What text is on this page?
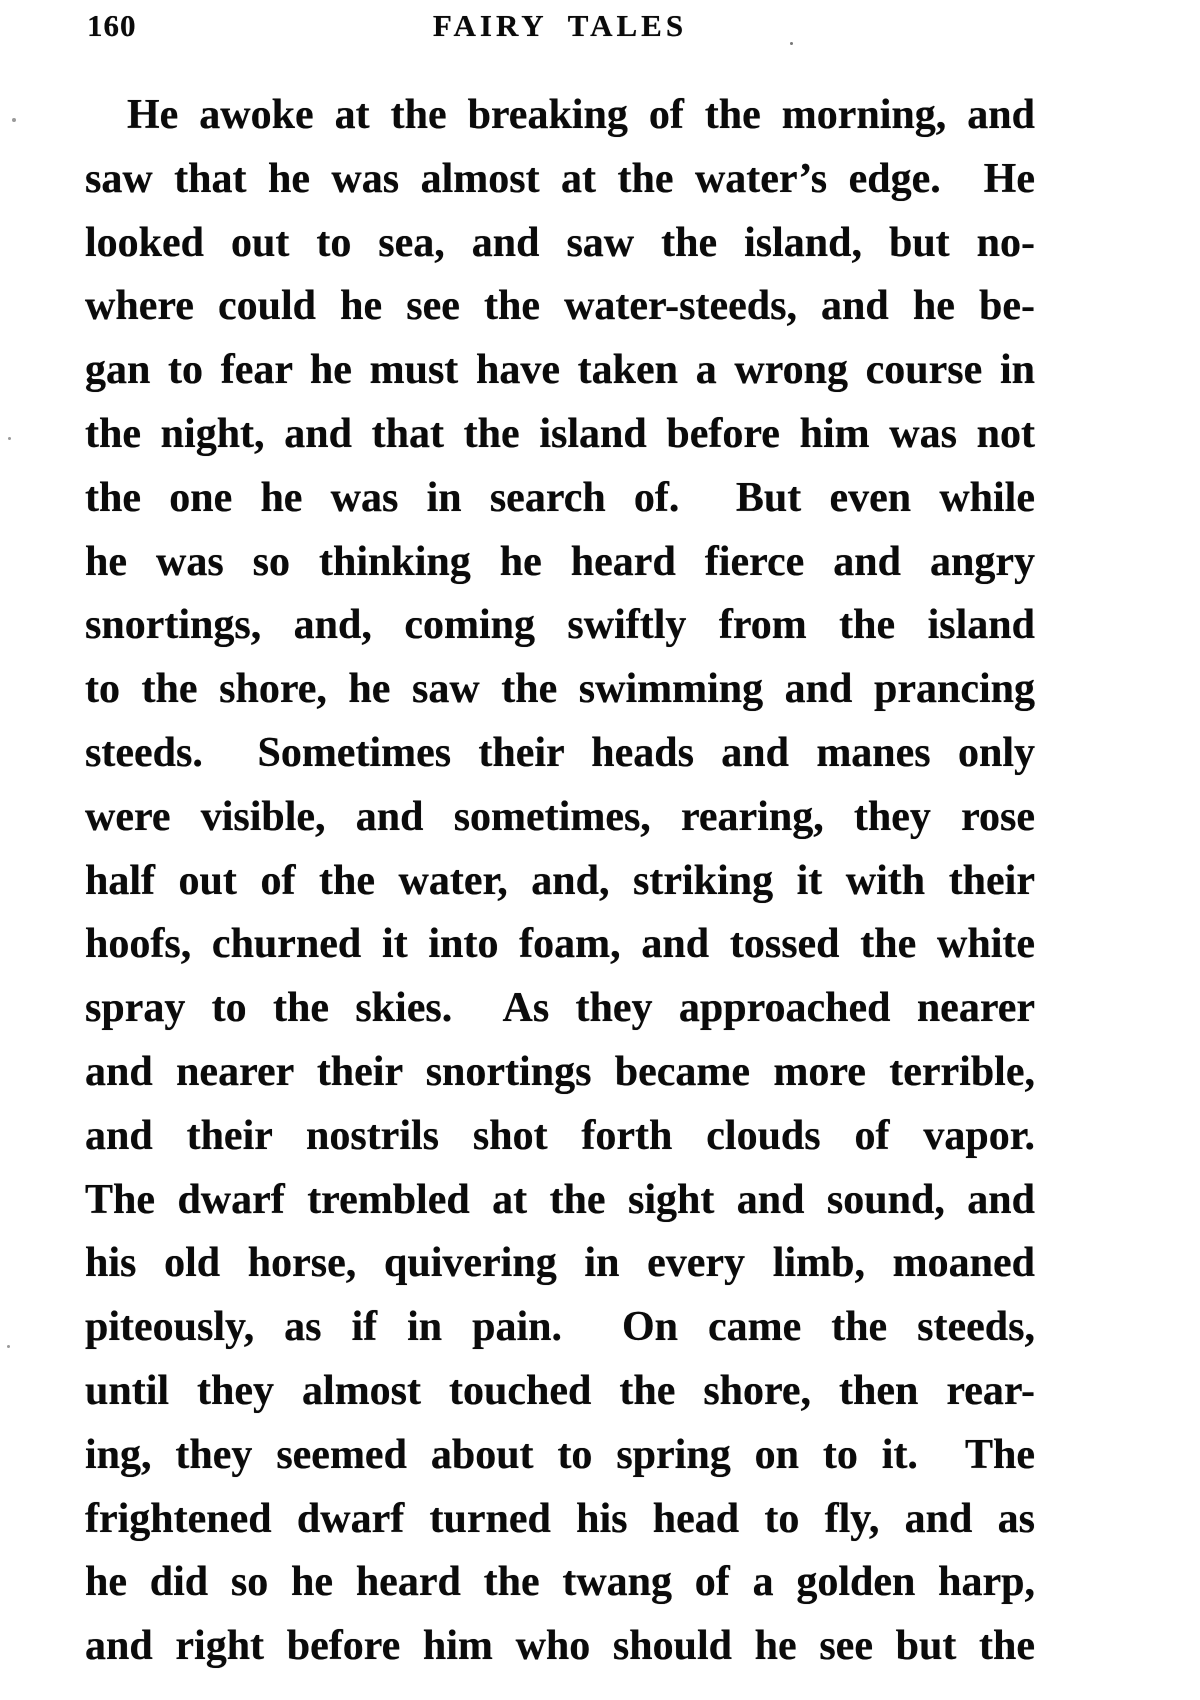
160	FAIRY TALES
He awoke at the breaking of the morning, and
saw that he was almost at the water’s edge.  He
looked out to sea, and saw the island, but no-
where could he see the water-steeds, and he be-
gan to fear he must have taken a wrong course in
the night, and that the island before him was not
the one he was in search of.  But even while
he was so thinking he heard fierce and angry
snortings, and, coming swiftly from the island
to the shore, he saw the swimming and prancing
steeds.  Sometimes their heads and manes only
were visible, and sometimes, rearing, they rose
half out of the water, and, striking it with their
hoofs, churned it into foam, and tossed the white
spray to the skies.  As they approached nearer
and nearer their snortings became more terrible,
and their nostrils shot forth clouds of vapor.
The dwarf trembled at the sight and sound, and
his old horse, quivering in every limb, moaned
piteously, as if in pain.  On came the steeds,
until they almost touched the shore, then rear-
ing, they seemed about to spring on to it.  The
frightened dwarf turned his head to fly, and as
he did so he heard the twang of a golden harp,
and right before him who should he see but the
